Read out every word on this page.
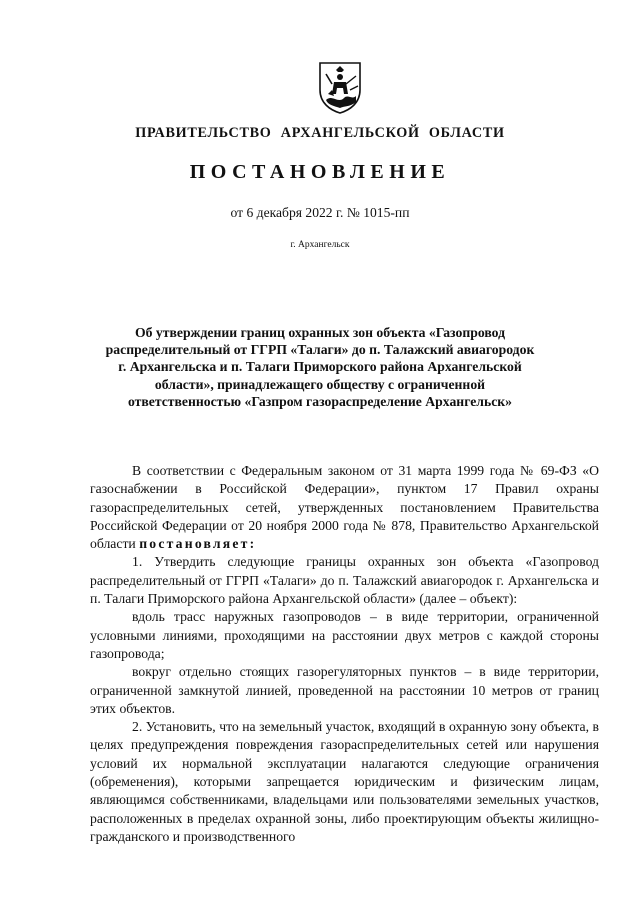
ПРАВИТЕЛЬСТВО АРХАНГЕЛЬСКОЙ ОБЛАСТИ
ПОСТАНОВЛЕНИЕ
от 6 декабря 2022 г. № 1015-пп
г. Архангельск
Об утверждении границ охранных зон объекта «Газопровод распределительный от ГГРП «Талаги» до п. Талажский авиагородок г. Архангельска и п. Талаги Приморского района Архангельской области», принадлежащего обществу с ограниченной ответственностью «Газпром газораспределение Архангельск»

В соответствии с Федеральным законом от 31 марта 1999 года № 69-ФЗ «О газоснабжении в Российской Федерации», пунктом 17 Правил охраны газораспределительных сетей, утвержденных постановлением Правительства Российской Федерации от 20 ноября 2000 года № 878, Правительство Архангельской области постановляет:

1. Утвердить следующие границы охранных зон объекта «Газопровод распределительный от ГГРП «Талаги» до п. Талажский авиагородок г. Архангельска и п. Талаги Приморского района Архангельской области» (далее – объект):

вдоль трасс наружных газопроводов – в виде территории, ограниченной условными линиями, проходящими на расстоянии двух метров с каждой стороны газопровода;

вокруг отдельно стоящих газорегуляторных пунктов – в виде территории, ограниченной замкнутой линией, проведенной на расстоянии 10 метров от границ этих объектов.

2. Установить, что на земельный участок, входящий в охранную зону объекта, в целях предупреждения повреждения газораспределительных сетей или нарушения условий их нормальной эксплуатации налагаются следующие ограничения (обременения), которыми запрещается юридическим и физическим лицам, являющимся собственниками, владельцами или пользователями земельных участков, расположенных в пределах охранной зоны, либо проектирующим объекты жилищно-гражданского и производственного
